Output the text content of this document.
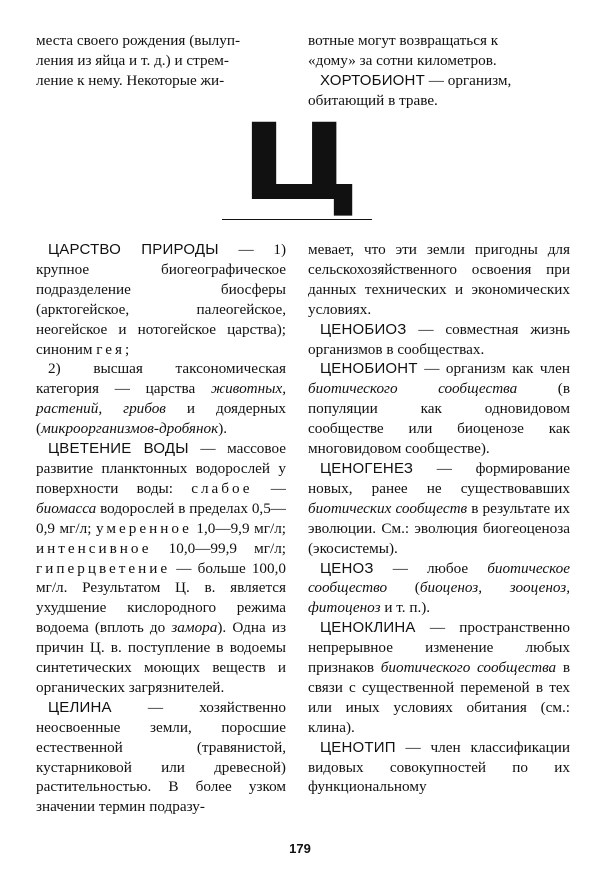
места своего рождения (вылуп-
ления из яйца и т. д.) и стрем-
ление к нему. Некоторые жи-
вотные могут возвращаться к
«дому» за сотни километров.
ХОРТОБИОНТ — организм,
обитающий в траве.
Ц

ЦАРСТВО ПРИРОДЫ — 1) крупное биогеографическое подразделение биосферы (арктогейское, палеогейское, неогейское и нотогейское царства); синоним гея;

2) высшая таксономическая категория — царства животных, растений, грибов и доядерных (микроорганизмов-дробянок).

ЦВЕТЕНИЕ ВОДЫ — массовое развитие планктонных водорослей у поверхности воды: слабое — биомасса водорослей в пределах 0,5—0,9 мг/л; умеренное 1,0—9,9 мг/л; интенсивное 10,0—99,9 мг/л; гиперцветение — больше 100,0 мг/л. Результатом Ц. в. является ухудшение кислородного режима водоема (вплоть до замора). Одна из причин Ц. в. поступление в водоемы синтетических моющих веществ и органических загрязнителей.

ЦЕЛИНА — хозяйственно неосвоенные земли, поросшие естественной (травянистой, кустарниковой или древесной) растительностью. В более узком значении термин подразу-

мевает, что эти земли пригодны для сельскохозяйственного освоения при данных технических и экономических условиях.

ЦЕНОБИОЗ — совместная жизнь организмов в сообществах.

ЦЕНОБИОНТ — организм как член биотического сообщества (в популяции как одновидовом сообществе или биоценозе как многовидовом сообществе).

ЦЕНОГЕНЕЗ — формирование новых, ранее не существовавших биотических сообществ в результате их эволюции. См.: эволюция биогеоценоза (экосистемы).

ЦЕНОЗ — любое биотическое сообщество (биоценоз, зооценоз, фитоценоз и т. п.).

ЦЕНОКЛИНА — пространственно непрерывное изменение любых признаков биотического сообщества в связи с существенной переменой в тех или иных условиях обитания (см.: клина).

ЦЕНОТИП — член классификации видовых совокупностей по их функциональному

179
